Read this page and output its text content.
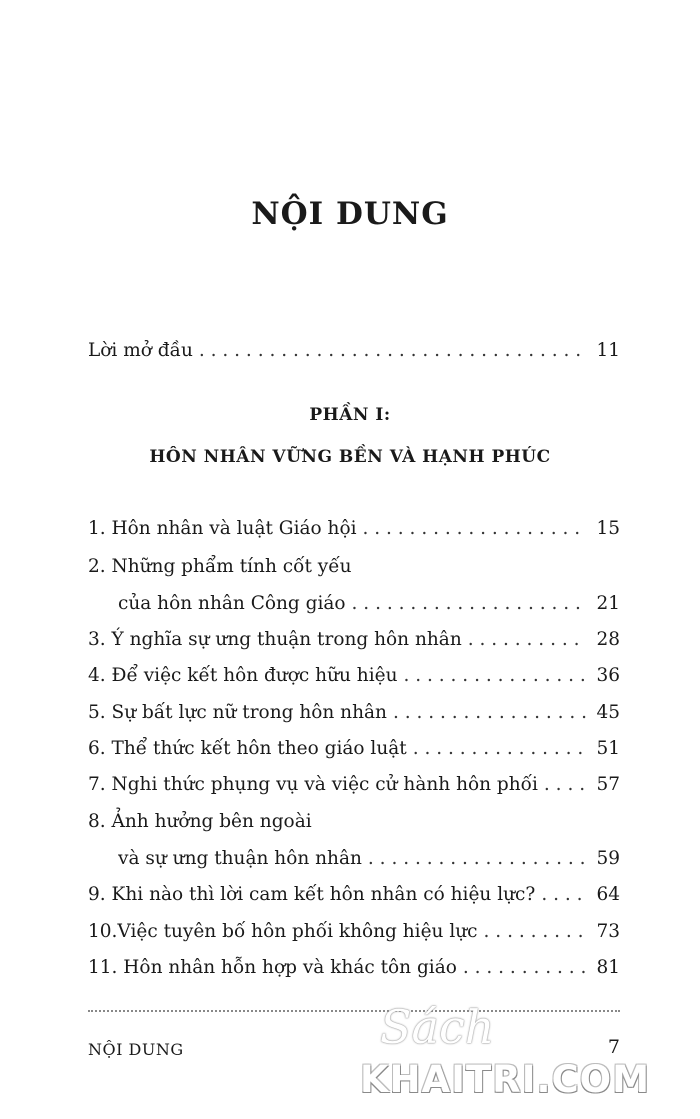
NỘI DUNG
Lời mở đầu . . .	11
PHẦN I:
HÔN NHÂN VỮNG BỀN VÀ HẠNH PHÚC
1. Hôn nhân và luật Giáo hội . . .	15
2. Những phẩm tính cốt yếu
của hôn nhân Công giáo . . .	21
3. Ý nghĩa sự ưng thuận trong hôn nhân . . .	28
4. Để việc kết hôn được hữu hiệu . . .	36
5. Sự bất lực nữ trong hôn nhân . . .	45
6. Thể thức kết hôn theo giáo luật . . .	51
7. Nghi thức phụng vụ và việc cử hành hôn phối . . .	57
8. Ảnh hưởng bên ngoài
và sự ưng thuận hôn nhân . . .	59
9. Khi nào thì lời cam kết hôn nhân có hiệu lực? . . .	64
10.Việc tuyên bố hôn phối không hiệu lực . . .	73
11. Hôn nhân hỗn hợp và khác tôn giáo . . .	81
NỘI DUNG	7
Sách
KHAITRI.COM
